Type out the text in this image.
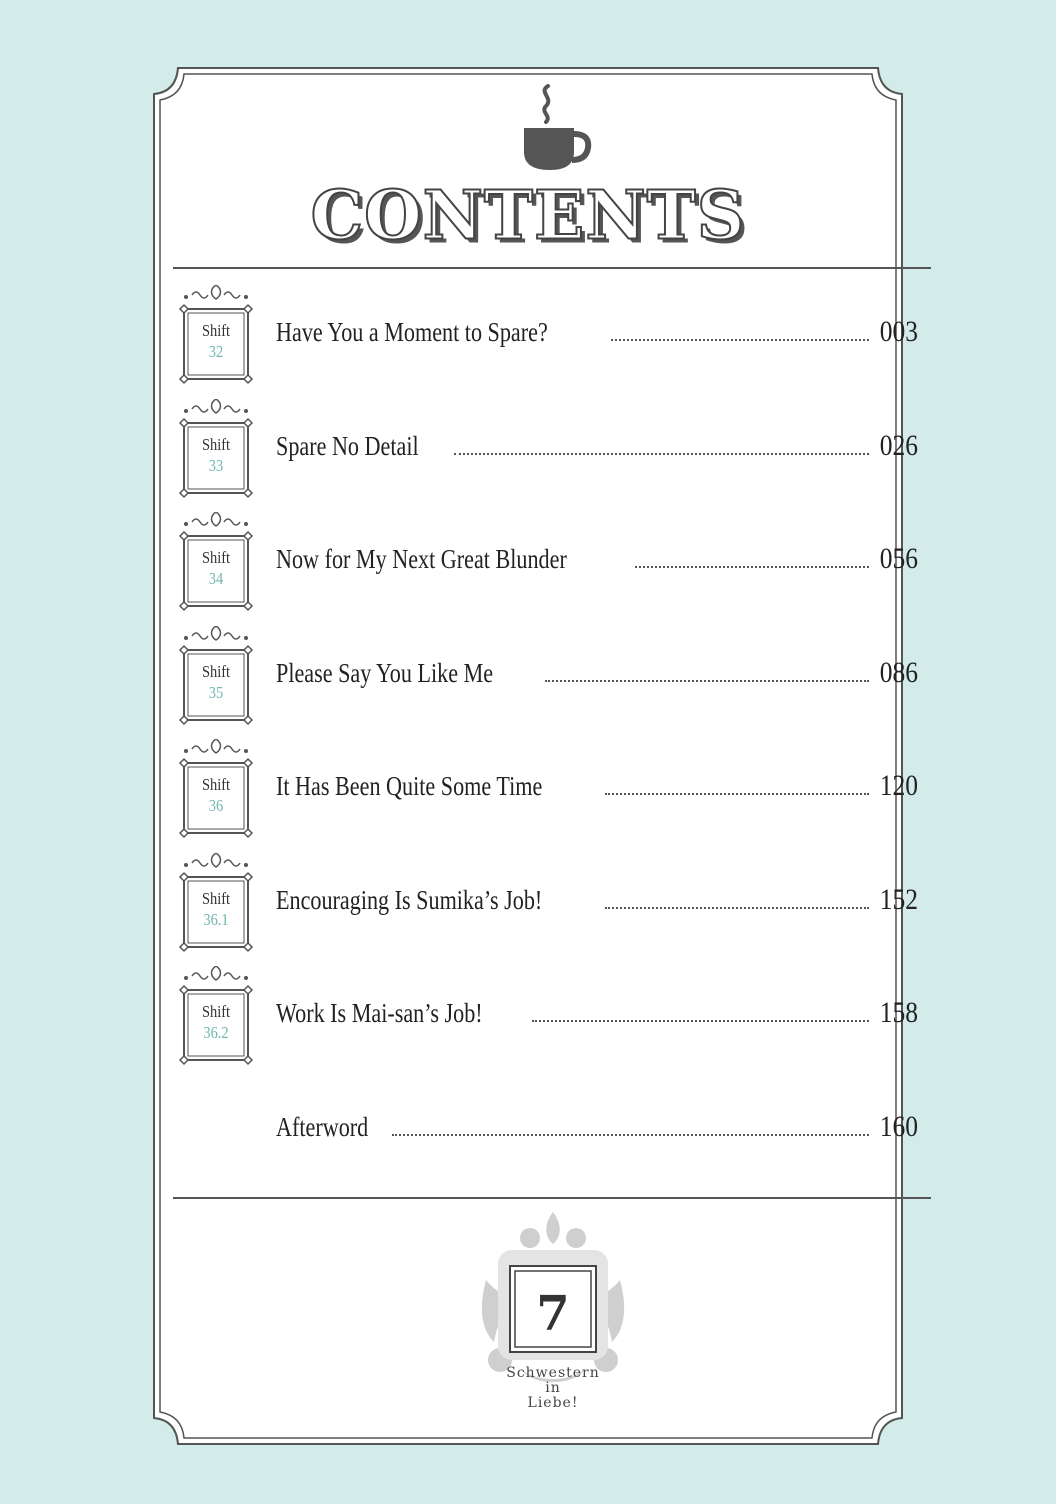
CONTENTS
Shift
32
Have You a Moment to Spare?	003
Shift
33
Spare No Detail	026
Shift
34
Now for My Next Great Blunder	056
Shift
35
Please Say You Like Me	086
Shift
36
It Has Been Quite Some Time	120
Shift
36.1
Encouraging Is Sumika’s Job!	152
Shift
36.2
Work Is Mai-san’s Job!	158
Afterword	160
7
Schwestern
in
Liebe!
